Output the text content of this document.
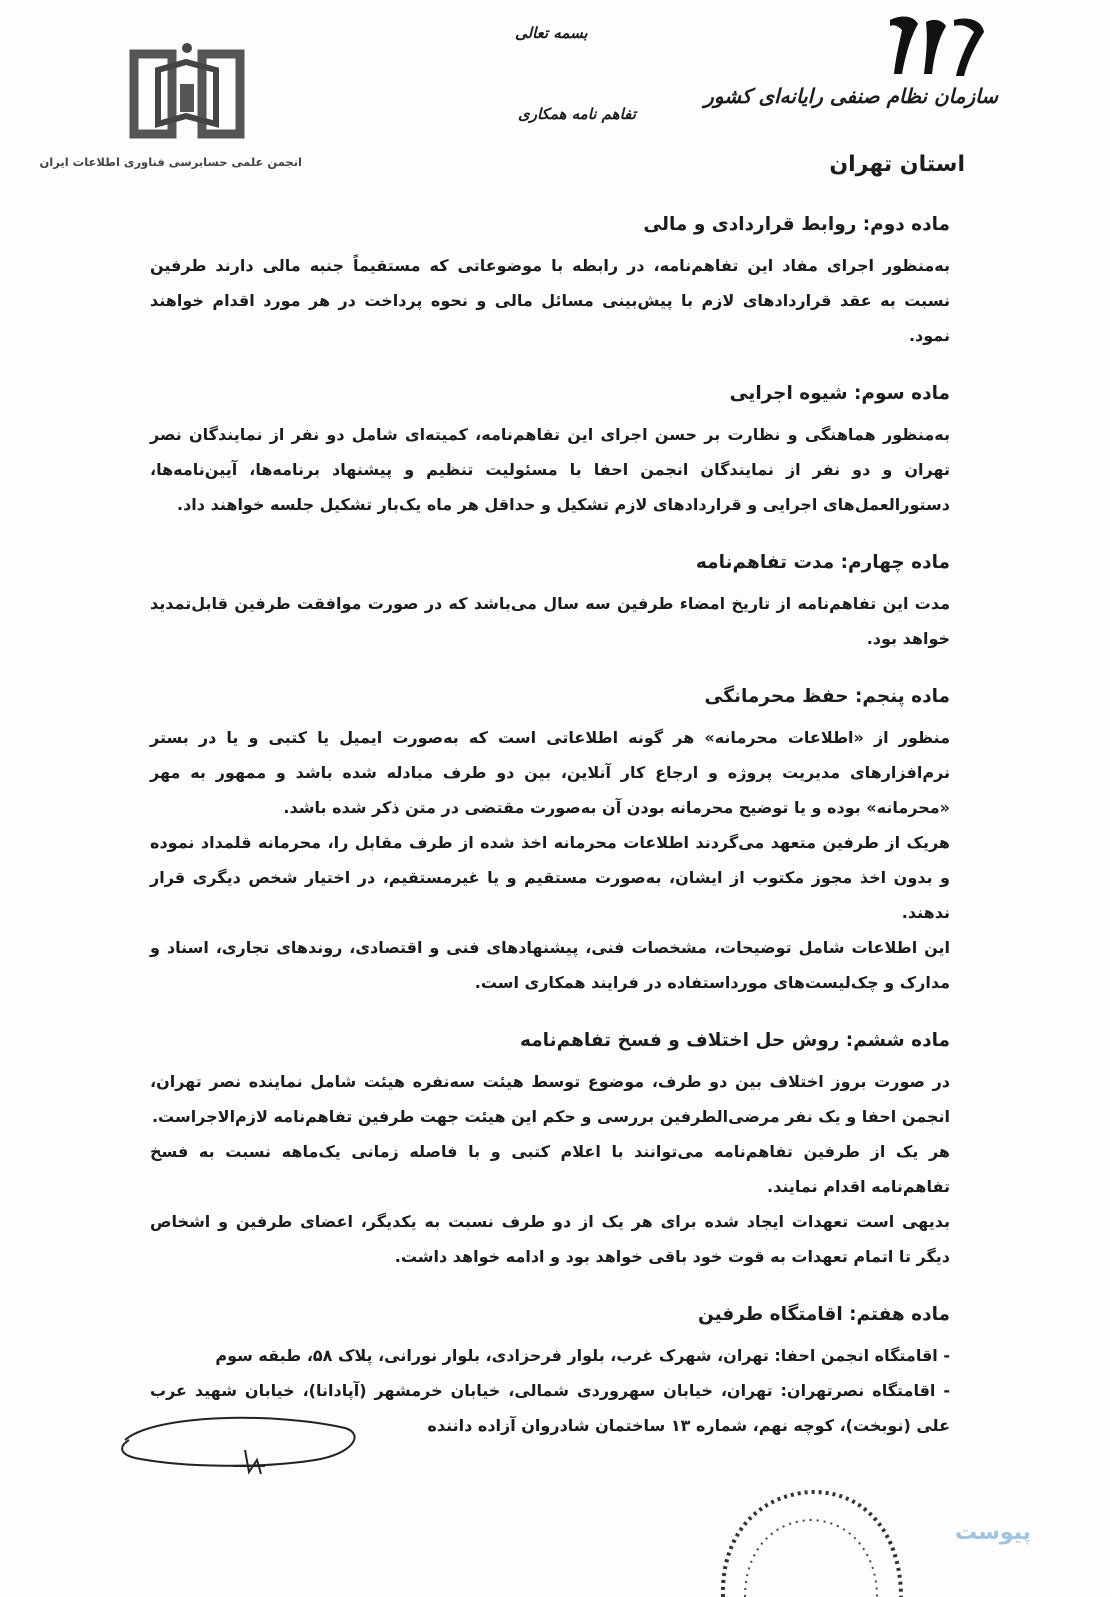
سازمان نظام صنفی رایانه‌ای کشور
استان تهران
بسمه تعالی
تفاهم نامه همکاری
انجمن علمی حسابرسی فناوری اطلاعات ایران
ماده دوم: روابط قراردادی و مالی

به‌منظور اجرای مفاد این تفاهم‌نامه، در رابطه با موضوعاتی که مستقیماً جنبه مالی دارند طرفین نسبت به عقد قراردادهای لازم با پیش‌بینی مسائل مالی و نحوه پرداخت در هر مورد اقدام خواهند نمود.

ماده سوم: شیوه اجرایی

به‌منظور هماهنگی و نظارت بر حسن اجرای این تفاهم‌نامه، کمیته‌ای شامل دو نفر از نمایندگان نصر تهران و دو نفر از نمایندگان انجمن احفا با مسئولیت تنظیم و پیشنهاد برنامه‌ها، آیین‌نامه‌ها، دستورالعمل‌های اجرایی و قراردادهای لازم تشکیل و حداقل هر ماه یک‌بار تشکیل جلسه خواهند داد.

ماده چهارم: مدت تفاهم‌نامه

مدت این تفاهم‌نامه از تاریخ امضاء طرفین سه سال می‌باشد که در صورت موافقت طرفین قابل‌تمدید خواهد بود.

ماده پنجم: حفظ محرمانگی

منظور از «اطلاعات محرمانه» هر گونه اطلاعاتی است که به‌صورت ایمیل یا کتبی و یا در بستر نرم‌افزارهای مدیریت پروژه و ارجاع کار آنلاین، بین دو طرف مبادله شده باشد و ممهور به مهر «محرمانه» بوده و یا توضیح محرمانه بودن آن به‌صورت مقتضی در متن ذکر شده باشد.

هریک از طرفین متعهد می‌گردند اطلاعات محرمانه اخذ شده از طرف مقابل را، محرمانه قلمداد نموده و بدون اخذ مجوز مکتوب از ایشان، به‌صورت مستقیم و یا غیرمستقیم، در اختیار شخص دیگری قرار ندهند.

این اطلاعات شامل توضیحات، مشخصات فنی، پیشنهادهای فنی و اقتصادی، روندهای تجاری، اسناد و مدارک و چک‌لیست‌های مورداستفاده در فرایند همکاری است.

ماده ششم: روش حل اختلاف و فسخ تفاهم‌نامه

در صورت بروز اختلاف بین دو طرف، موضوع توسط هیئت سه‌نفره هیئت شامل نماینده نصر تهران، انجمن احفا و یک نفر مرضی‌الطرفین بررسی و حکم این هیئت جهت طرفین تفاهم‌نامه لازم‌الاجراست.

هر یک از طرفین تفاهم‌نامه می‌توانند با اعلام کتبی و با فاصله زمانی یک‌ماهه نسبت به فسخ تفاهم‌نامه اقدام نمایند.

بدیهی است تعهدات ایجاد شده برای هر یک از دو طرف نسبت به یکدیگر، اعضای طرفین و اشخاص دیگر تا اتمام تعهدات به قوت خود باقی خواهد بود و ادامه خواهد داشت.

ماده هفتم: اقامتگاه طرفین

- اقامتگاه انجمن احفا: تهران، شهرک غرب، بلوار فرحزادی، بلوار نورانی، پلاک ۵۸، طبقه سوم

- اقامتگاه نصرتهران: تهران، خیابان سهروردی شمالی، خیابان خرمشهر (آپادانا)، خیابان شهید عرب علی (نوبخت)، کوچه نهم، شماره ۱۳ ساختمان شادروان آزاده داننده

پیوست
